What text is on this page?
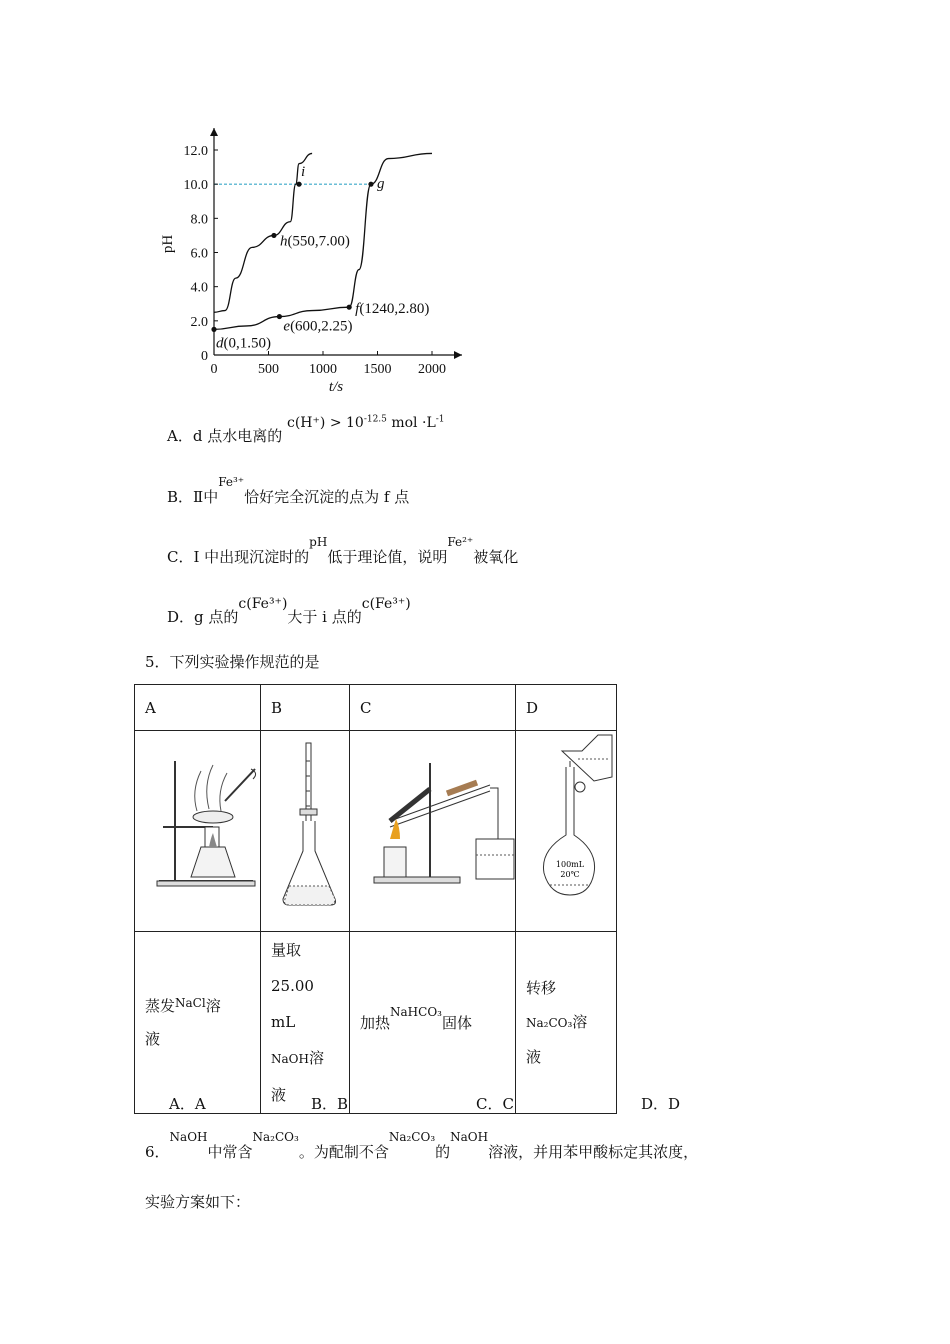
0	500 1000 1500 2000
0
2.0
4.0
6.0
8.0
10.0
12.0
d(0,1.50)
e(600,2.25)
f(1240,2.80)
h(550,7.00)
i
g
t/s
pH
A．d 点水电离的 $c(H^+) > 10^{-12.5}$ mol $\cdot L^{-1}$
B．Ⅱ中Fe³⁺恰好完全沉淀的点为 f 点
C．I 中出现沉淀时的pH低于理论值，说明Fe²⁺被氧化
D．g 点的c(Fe³⁺)大于 i 点的c(Fe³⁺)
5．下列实验操作规范的是
A	B	C	D

100mL
20℃

蒸发$^{NaCl}$溶
液	量取
25.00 mL
NaOH溶
液	加热$^{NaHCO_3}$固体	转移
Na₂CO₃溶
液
A．A	B．B	C．C	D．D
6．NaOH中常含Na₂CO₃。为配制不含Na₂CO₃的NaOH溶液，并用苯甲酸标定其浓度，
实验方案如下：
